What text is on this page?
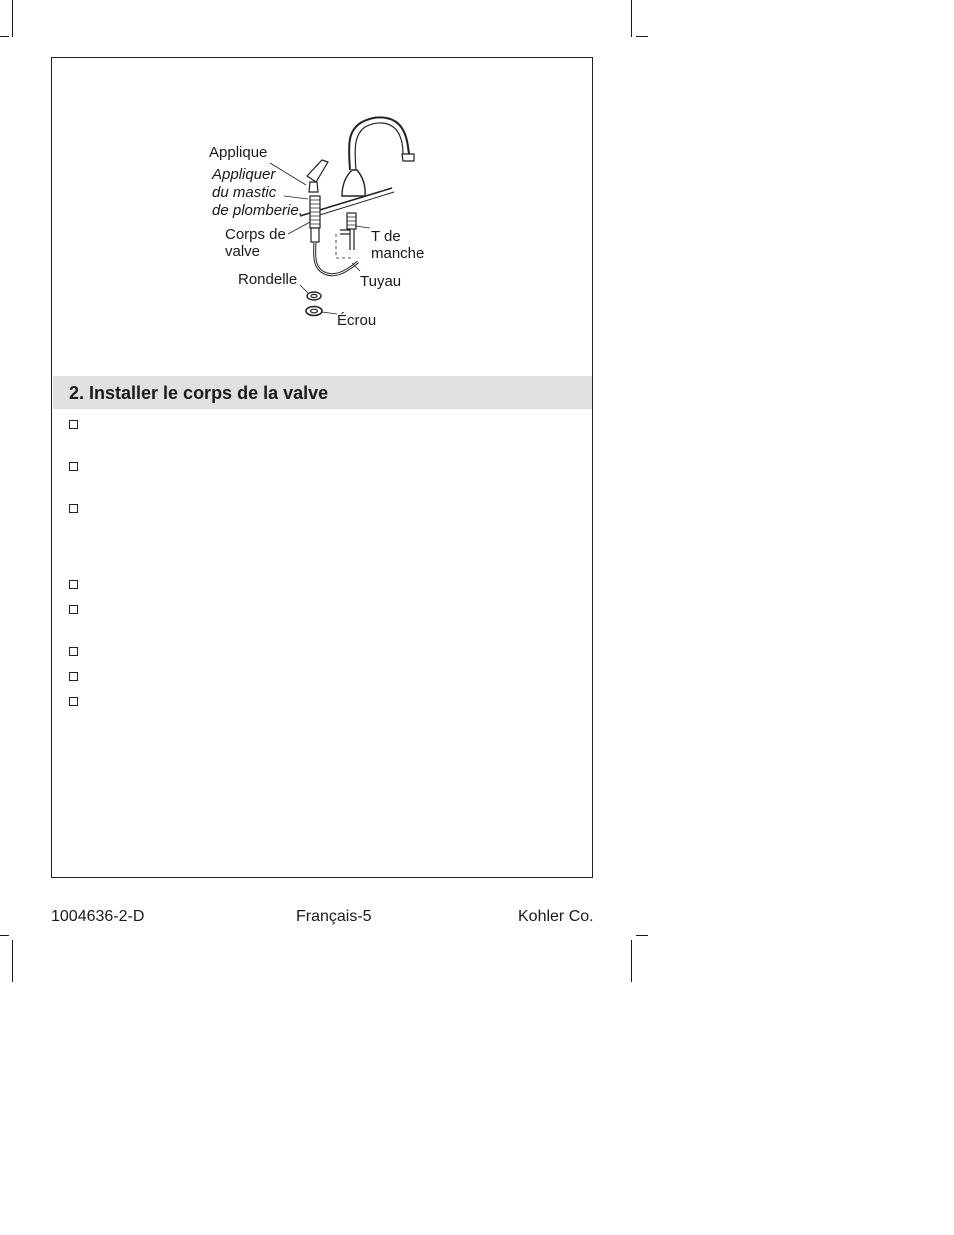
Applique
Appliquer
du mastic
de plomberie.
Corps de
valve
T de
manche
Rondelle	Tuyau
Écrou
2. Installer le corps de la valve
1004636-2-D	Français-5	Kohler Co.
